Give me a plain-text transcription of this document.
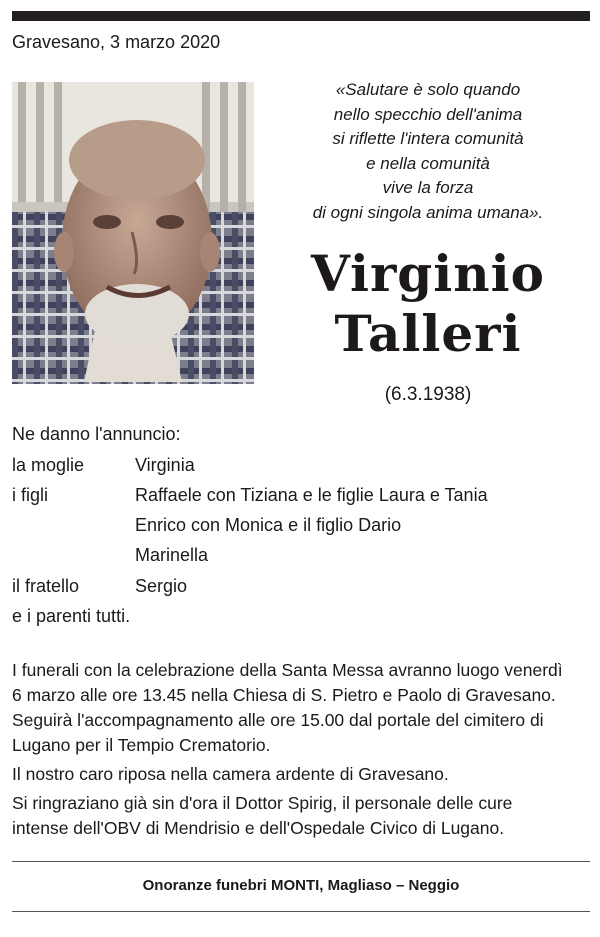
Gravesano, 3 marzo 2020
«Salutare è solo quando
nello specchio dell'anima
si riflette l'intera comunità
e nella comunità
vive la forza
di ogni singola anima umana».
Virginio
Talleri
(6.3.1938)
Ne danno l'annuncio:
la moglie	Virginia
i figli	Raffaele con Tiziana e le figlie Laura e Tania
Enrico con Monica e il figlio Dario
Marinella
il fratello	Sergio
e i parenti tutti.
I funerali con la celebrazione della Santa Messa avranno luogo venerdì
6 marzo alle ore 13.45 nella Chiesa di S. Pietro e Paolo di Gravesano.
Seguirà l'accompagnamento alle ore 15.00 dal portale del cimitero di
Lugano per il Tempio Crematorio.
Il nostro caro riposa nella camera ardente di Gravesano.
Si ringraziano già sin d'ora il Dottor Spirig, il personale delle cure
intense dell'OBV di Mendrisio e dell'Ospedale Civico di Lugano.
Onoranze funebri MONTI, Magliaso – Neggio
